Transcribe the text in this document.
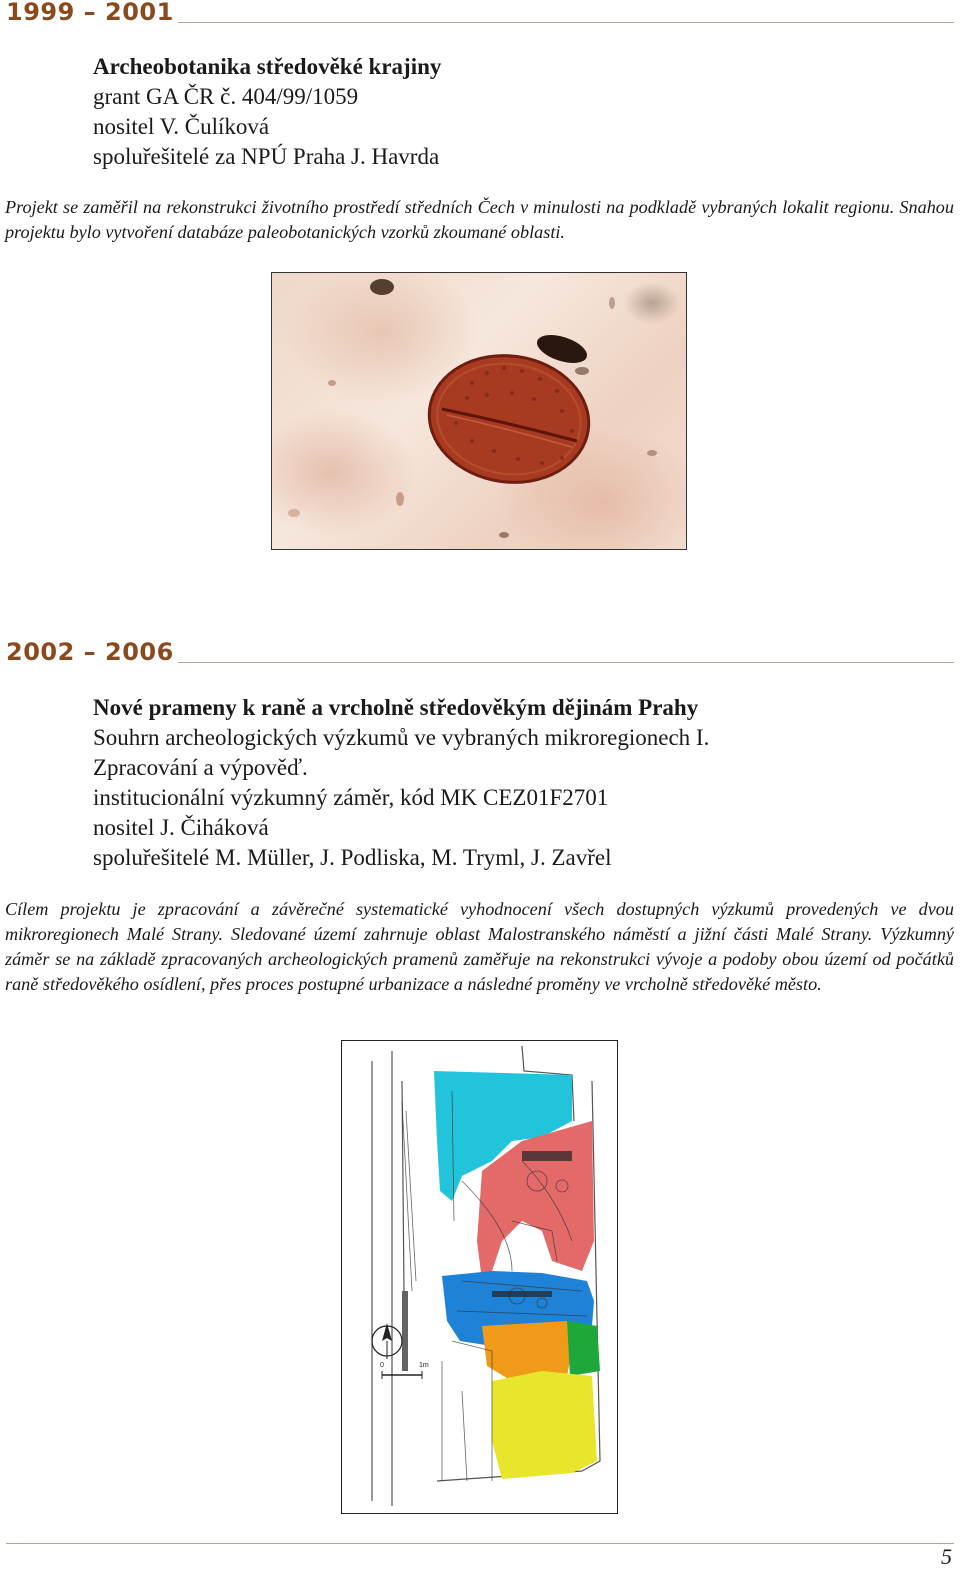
1999 – 2001
Archeobotanika středověké krajiny
grant GA ČR č. 404/99/1059
nositel V. Čulíková
spoluřešitelé za NPÚ Praha J. Havrda
Projekt se zaměřil na rekonstrukci životního prostředí středních Čech v minulosti na podkladě vybraných lokalit regionu. Snahou projektu bylo vytvoření databáze paleobotanických vzorků zkoumané oblasti.
2002 – 2006
Nové prameny k raně a vrcholně středověkým dějinám Prahy
Souhrn archeologických výzkumů ve vybraných mikroregionech I.
Zpracování a výpověď.
institucionální výzkumný záměr, kód MK CEZ01F2701
nositel J. Čiháková
spoluřešitelé M. Müller, J. Podliska, M. Tryml, J. Zavřel
Cílem projektu je zpracování a závěrečné systematické vyhodnocení všech dostupných výzkumů provedených ve dvou mikroregionech Malé Strany. Sledované území zahrnuje oblast Malostranského náměstí a jižní části Malé Strany. Výzkumný záměr se na základě zpracovaných archeologických pramenů zaměřuje na rekonstrukci vývoje a podoby obou území od počátků raně středověkého osídlení, přes proces postupné urbanizace a následné proměny ve vrcholně středověké město.
0	1m
5
